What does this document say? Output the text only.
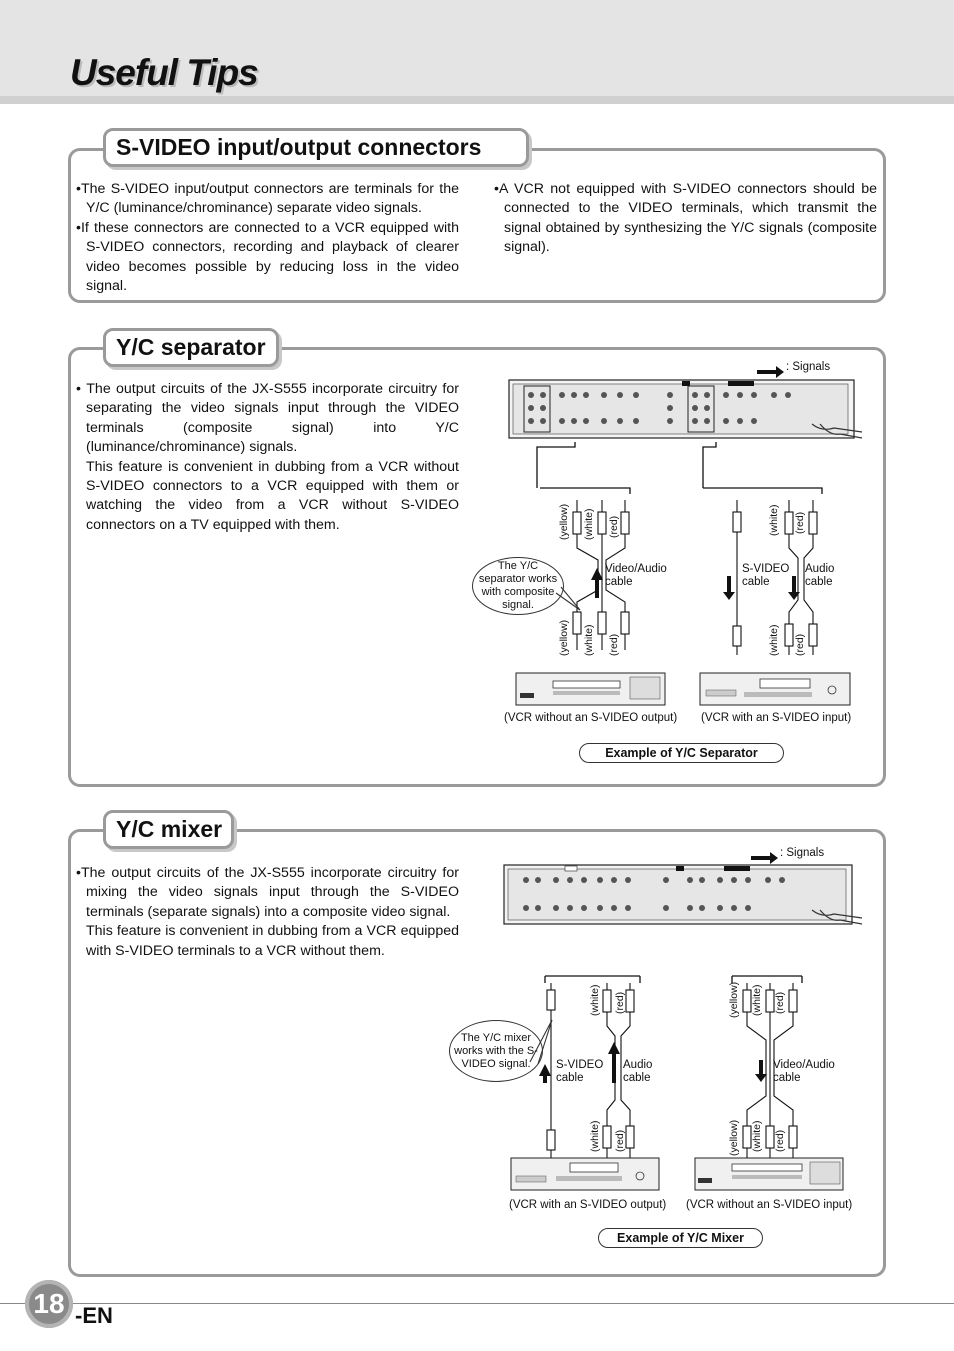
Useful Tips
S-VIDEO input/output connectors
•The S-VIDEO input/output connectors are terminals for the Y/C (luminance/chrominance) separate video signals.
•If these connectors are connected to a VCR equipped with S-VIDEO connectors, recording and playback of clearer video becomes possible by reducing loss in the video signal.
•A VCR not equipped with S-VIDEO connectors should be connected to the VIDEO terminals, which transmit the signal obtained by synthesizing the Y/C signals (composite signal).
Y/C separator
• The output circuits of the JX-S555 incorporate circuitry for separating the video signals input through the VIDEO terminals (composite signal) into Y/C (luminance/chrominance) signals.
This feature is convenient in dubbing from a VCR without S-VIDEO connectors to a VCR equipped with them or watching the video from a VCR without S-VIDEO connectors on a TV equipped with them.
: Signals
The Y/C separator works with composite signal.
Video/Audio cable
S-VIDEO cable
Audio cable
(yellow) (white) (red)
(yellow) (white) (red)
(white) (red)
(white) (red)
(VCR without an S-VIDEO output) (VCR with an S-VIDEO input)
Example of Y/C Separator
Y/C mixer
•The output circuits of the JX-S555 incorporate circuitry for mixing the video signals input through the S-VIDEO terminals (separate signals) into a composite video signal.
This feature is convenient in dubbing from a VCR equipped with S-VIDEO terminals to a VCR without them.
: Signals
The Y/C mixer works with the S-VIDEO signal.	S-VIDEO cable
Audio cable
Video/Audio cable
(white) (red)
(white) (red)
(yellow) (white) (red)
(yellow) (white) (red)
(VCR with an S-VIDEO output) (VCR without an S-VIDEO input)
Example of Y/C Mixer
18 -EN
